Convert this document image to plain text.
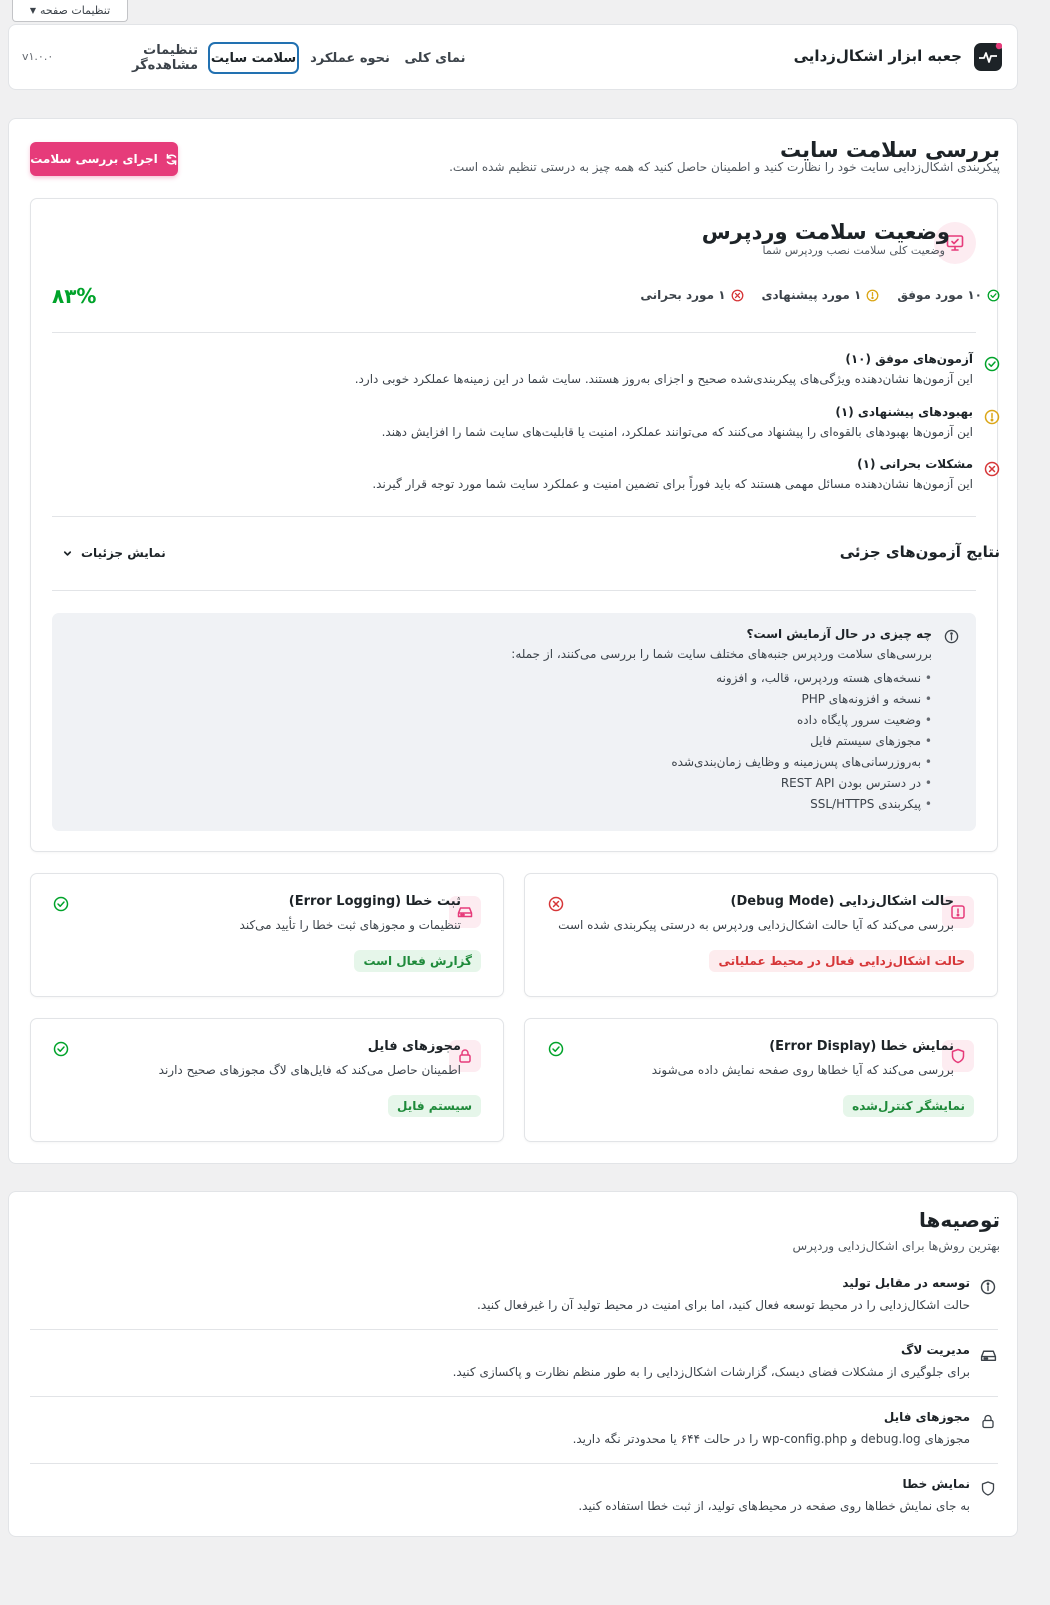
تنظیمات صفحه
▼
جعبه ابزار اشکال‌زدایی
نمای کلی
نحوه عملکرد
سلامت سایت
تنظیمات مشاهده‌گر
v۱.۰.۰
بررسی سلامت سایت
پیکربندی اشکال‌زدایی سایت خود را نظارت کنید و اطمینان حاصل کنید که همه چیز به درستی تنظیم شده است.
اجرای بررسی سلامت
وضعیت سلامت وردپرس
وضعیت کلی سلامت نصب وردپرس شما
۸۳%	۱۰ مورد موفق
۱ مورد پیشنهادی
۱ مورد بحرانی
آزمون‌های موفق (۱۰)
این آزمون‌ها نشان‌دهنده ویژگی‌های پیکربندی‌شده صحیح و اجزای به‌روز هستند. سایت شما در این زمینه‌ها عملکرد خوبی دارد.
بهبودهای پیشنهادی (۱)
این آزمون‌ها بهبودهای بالقوه‌ای را پیشنهاد می‌کنند که می‌توانند عملکرد، امنیت یا قابلیت‌های سایت شما را افزایش دهند.
مشکلات بحرانی (۱)
این آزمون‌ها نشان‌دهنده مسائل مهمی هستند که باید فوراً برای تضمین امنیت و عملکرد سایت شما مورد توجه قرار گیرند.
نتایج آزمون‌های جزئی
نمایش جزئیات
چه چیزی در حال آزمایش است؟
بررسی‌های سلامت وردپرس جنبه‌های مختلف سایت شما را بررسی می‌کنند، از جمله:
• نسخه‌های هسته وردپرس، قالب، و افزونه
• نسخه و افزونه‌های PHP
• وضعیت سرور پایگاه داده
• مجوزهای سیستم فایل
• به‌روزرسانی‌های پس‌زمینه و وظایف زمان‌بندی‌شده
• در دسترس بودن REST API
• پیکربندی SSL/HTTPS
حالت اشکال‌زدایی (Debug Mode)
بررسی می‌کند که آیا حالت اشکال‌زدایی وردپرس به درستی پیکربندی شده است
حالت اشکال‌زدایی فعال در محیط عملیاتی
ثبت خطا (Error Logging)
تنظیمات و مجوزهای ثبت خطا را تأیید می‌کند
گزارش فعال است
نمایش خطا (Error Display)
بررسی می‌کند که آیا خطاها روی صفحه نمایش داده می‌شوند
نمایشگر کنترل‌شده
مجوزهای فایل
اطمینان حاصل می‌کند که فایل‌های لاگ مجوزهای صحیح دارند
سیستم فایل
توصیه‌ها
بهترین روش‌ها برای اشکال‌زدایی وردپرس
توسعه در مقابل تولید
حالت اشکال‌زدایی را در محیط توسعه فعال کنید، اما برای امنیت در محیط تولید آن را غیرفعال کنید.
مدیریت لاگ
برای جلوگیری از مشکلات فضای دیسک، گزارشات اشکال‌زدایی را به طور منظم نظارت و پاکسازی کنید.
مجوزهای فایل
مجوزهای debug.log و wp-config.php را در حالت ۶۴۴ یا محدودتر نگه دارید.
نمایش خطا
به جای نمایش خطاها روی صفحه در محیط‌های تولید، از ثبت خطا استفاده کنید.
